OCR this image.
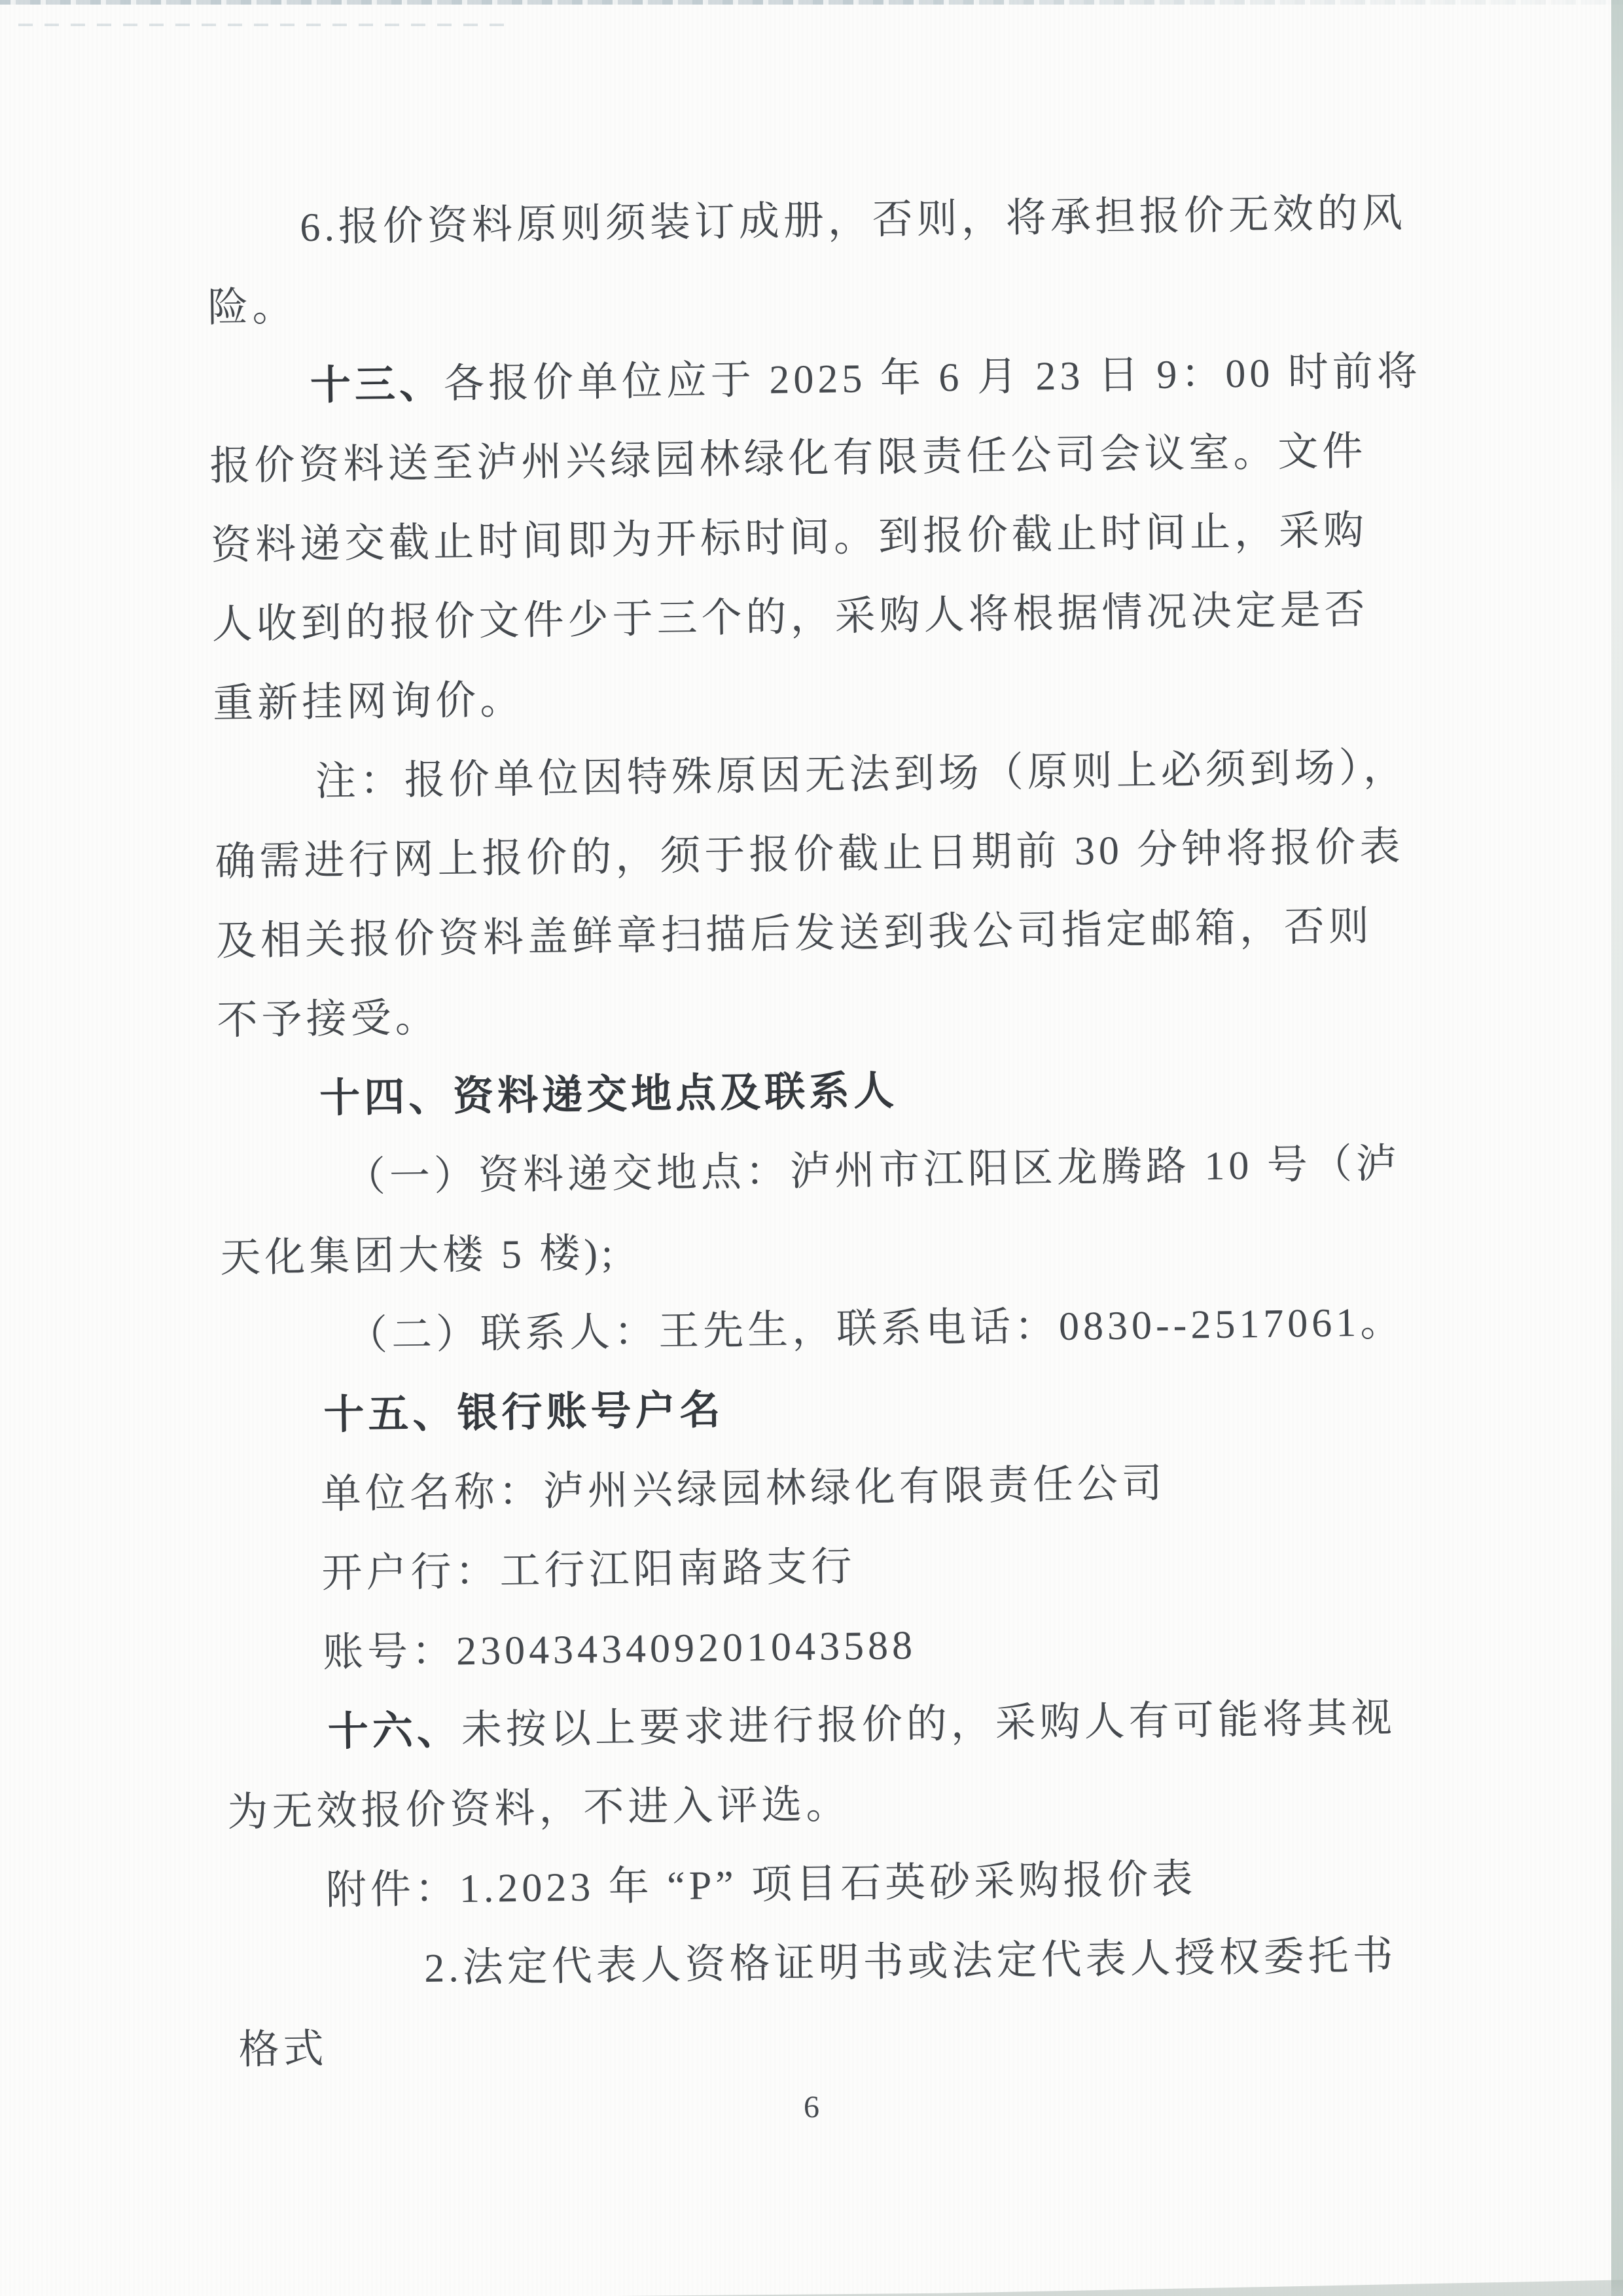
6.报价资料原则须装订成册，否则，将承担报价无效的风
险。
十三、各报价单位应于 2025 年 6 月 23 日 9：00 时前将
报价资料送至泸州兴绿园林绿化有限责任公司会议室。文件
资料递交截止时间即为开标时间。到报价截止时间止，采购
人收到的报价文件少于三个的，采购人将根据情况决定是否
重新挂网询价。
注：报价单位因特殊原因无法到场（原则上必须到场），
确需进行网上报价的，须于报价截止日期前 30 分钟将报价表
及相关报价资料盖鲜章扫描后发送到我公司指定邮箱，否则
不予接受。
十四、资料递交地点及联系人
（一）资料递交地点：泸州市江阳区龙腾路 10 号（泸
天化集团大楼 5 楼);
（二）联系人：王先生，联系电话：0830--2517061。
十五、银行账号户名
单位名称：泸州兴绿园林绿化有限责任公司
开户行：工行江阳南路支行
账号：2304343409201043588
十六、未按以上要求进行报价的，采购人有可能将其视
为无效报价资料，不进入评选。
附件：1.2023 年 “P” 项目石英砂采购报价表
2.法定代表人资格证明书或法定代表人授权委托书
格式
6
